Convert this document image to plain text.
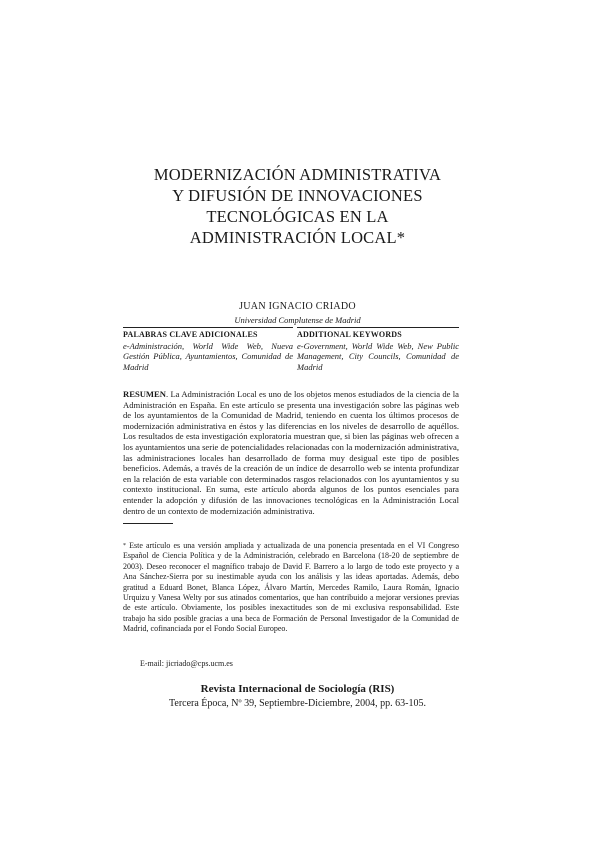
MODERNIZACIÓN ADMINISTRATIVA
Y DIFUSIÓN DE INNOVACIONES
TECNOLÓGICAS EN LA
ADMINISTRACIÓN LOCAL*
JUAN IGNACIO CRIADO
Universidad Complutense de Madrid
PALABRAS CLAVE ADICIONALES
e-Administración, World Wide Web, Nueva Gestión Pública, Ayuntamientos, Comunidad de Madrid
ADDITIONAL KEYWORDS
e-Government, World Wide Web, New Public Management, City Councils, Comunidad de Madrid

RESUMEN. La Administración Local es uno de los objetos menos estudiados de la ciencia de la Administración en España. En este artículo se presenta una investigación sobre las páginas web de los ayuntamientos de la Comunidad de Madrid, teniendo en cuenta los últimos procesos de modernización administrativa en éstos y las diferencias en los niveles de desarrollo de aquéllos. Los resultados de esta investigación exploratoria muestran que, si bien las páginas web ofrecen a los ayuntamientos una serie de potencialidades relacionadas con la modernización administrativa, las administraciones locales han desarrollado de forma muy desigual este tipo de posibles beneficios. Además, a través de la creación de un índice de desarrollo web se intenta profundizar en la relación de esta variable con determinados rasgos relacionados con los ayuntamientos y su contexto institucional. En suma, este artículo aborda algunos de los puntos esenciales para entender la adopción y difusión de las innovaciones tecnológicas en la Administración Local dentro de un contexto de modernización administrativa.

* Este artículo es una versión ampliada y actualizada de una ponencia presentada en el VI Congreso Español de Ciencia Política y de la Administración, celebrado en Barcelona (18-20 de septiembre de 2003). Deseo reconocer el magnífico trabajo de David F. Barrero a lo largo de todo este proyecto y a Ana Sánchez-Sierra por su inestimable ayuda con los análisis y las ideas aportadas. Además, debo gratitud a Eduard Bonet, Blanca López, Álvaro Martín, Mercedes Ramilo, Laura Román, Ignacio Urquizu y Vanesa Welty por sus atinados comentarios, que han contribuido a mejorar versiones previas de este artículo. Obviamente, los posibles inexactitudes son de mi exclusiva responsabilidad. Este trabajo ha sido posible gracias a una beca de Formación de Personal Investigador de la Comunidad de Madrid, cofinanciada por el Fondo Social Europeo.

E-mail: jicriado@cps.ucm.es
Revista Internacional de Sociología (RIS)
Tercera Época, Nº 39, Septiembre-Diciembre, 2004, pp. 63-105.
